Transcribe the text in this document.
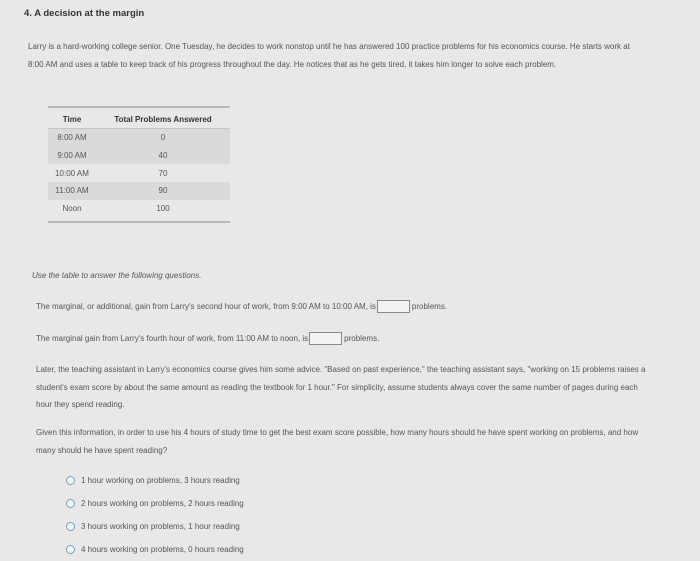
4. A decision at the margin
Larry is a hard-working college senior. One Tuesday, he decides to work nonstop until he has answered 100 practice problems for his economics course. He starts work at 8:00 AM and uses a table to keep track of his progress throughout the day. He notices that as he gets tired, it takes him longer to solve each problem.
Time	Total Problems Answered
8:00 AM	0
9:00 AM	40
10:00 AM	70
11:00 AM	90
Noon	100
Use the table to answer the following questions.
The marginal, or additional, gain from Larry's second hour of work, from 9:00 AM to 10:00 AM, is	problems.
The marginal gain from Larry's fourth hour of work, from 11:00 AM to noon, is	problems.
Later, the teaching assistant in Larry's economics course gives him some advice. "Based on past experience," the teaching assistant says, "working on 15 problems raises a student's exam score by about the same amount as reading the textbook for 1 hour." For simplicity, assume students always cover the same number of pages during each hour they spend reading.
Given this information, in order to use his 4 hours of study time to get the best exam score possible, how many hours should he have spent working on problems, and how many should he have spent reading?
1 hour working on problems, 3 hours reading
2 hours working on problems, 2 hours reading
3 hours working on problems, 1 hour reading
4 hours working on problems, 0 hours reading
